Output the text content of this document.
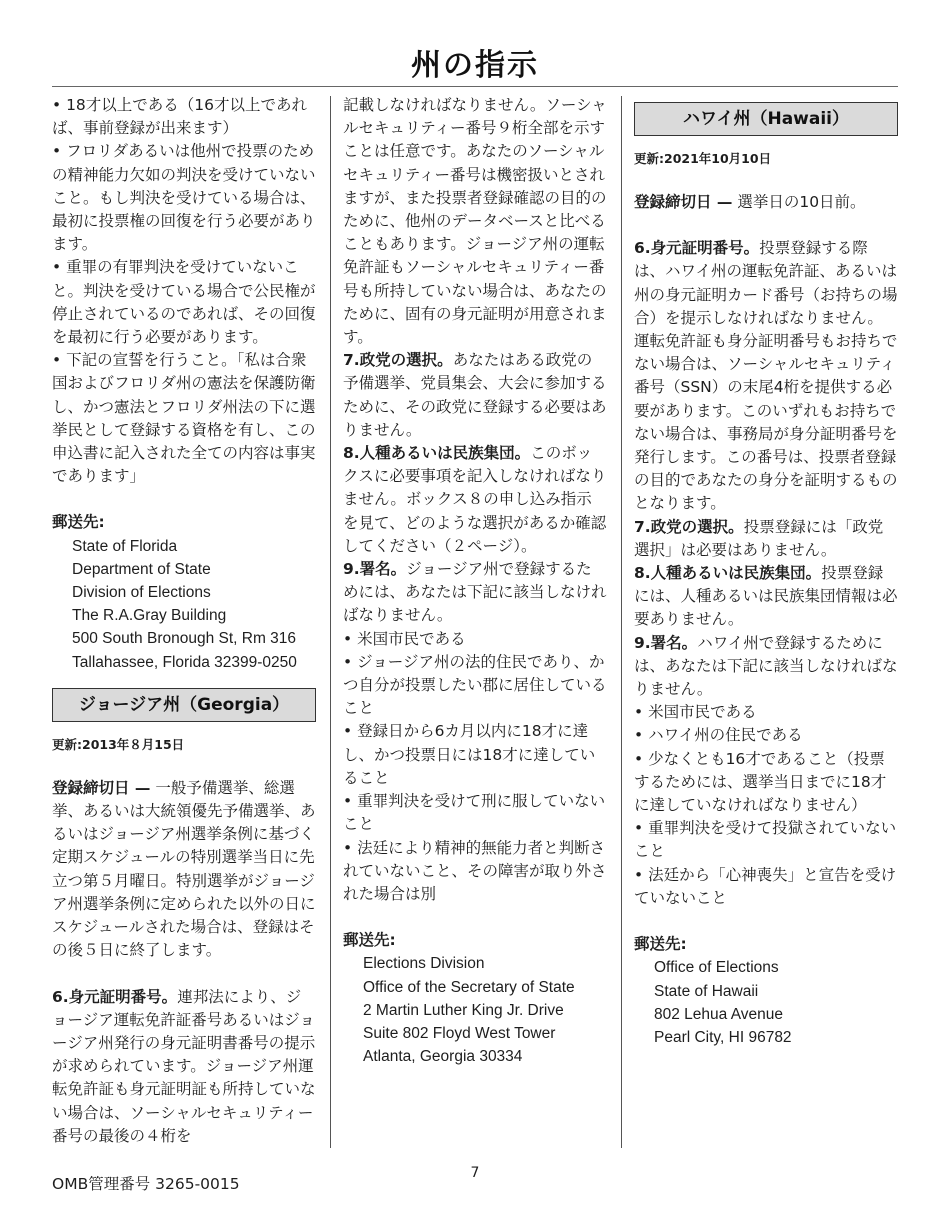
州の指示

• 18才以上である（16才以上であれば、事前登録が出来ます）

• フロリダあるいは他州で投票のための精神能力欠如の判決を受けていないこと。もし判決を受けている場合は、最初に投票権の回復を行う必要があります。

• 重罪の有罪判決を受けていないこと。判決を受けている場合で公民権が停止されているのであれば、その回復を最初に行う必要があります。

• 下記の宣誓を行うこと。「私は合衆国およびフロリダ州の憲法を保護防衛し、かつ憲法とフロリダ州法の下に選挙民として登録する資格を有し、この申込書に記入された全ての内容は事実であります」

郵送先:

State of Florida
Department of State
Division of Elections
The R.A.Gray Building
500 South Bronough St, Rm 316
Tallahassee, Florida 32399-0250
ジョージア州（Georgia）
更新:2013年８月15日

登録締切日 — 一般予備選挙、総選挙、あるいは大統領優先予備選挙、あるいはジョージア州選挙条例に基づく定期スケジュールの特別選挙当日に先立つ第５月曜日。特別選挙がジョージア州選挙条例に定められた以外の日にスケジュールされた場合は、登録はその後５日に終了します。

6.身元証明番号。連邦法により、ジョージア運転免許証番号あるいはジョージア州発行の身元証明書番号の提示が求められています。ジョージア州運転免許証も身元証明証も所持していない場合は、ソーシャルセキュリティー番号の最後の４桁を

記載しなければなりません。ソーシャルセキュリティー番号９桁全部を示すことは任意です。あなたのソーシャルセキュリティー番号は機密扱いとされますが、また投票者登録確認の目的のために、他州のデータベースと比べることもあります。ジョージア州の運転免許証もソーシャルセキュリティー番号も所持していない場合は、あなたのために、固有の身元証明が用意されます。

7.政党の選択。あなたはある政党の予備選挙、党員集会、大会に参加するために、その政党に登録する必要はありません。

8.人種あるいは民族集団。このボックスに必要事項を記入しなければなりません。ボックス８の申し込み指示を見て、どのような選択があるか確認してください（２ページ）。

9.署名。ジョージア州で登録するためには、あなたは下記に該当しなければなりません。

• 米国市民である

• ジョージア州の法的住民であり、かつ自分が投票したい郡に居住していること

• 登録日から6カ月以内に18才に達し、かつ投票日には18才に達していること

• 重罪判決を受けて刑に服していないこと

• 法廷により精神的無能力者と判断されていないこと、その障害が取り外された場合は別

郵送先:

Elections Division
Office of the Secretary of State
2 Martin Luther King Jr. Drive
Suite 802 Floyd West Tower
Atlanta, Georgia 30334
ハワイ州（Hawaii）
更新:2021年10月10日

登録締切日 — 選挙日の10日前。

6.身元証明番号。投票登録する際は、ハワイ州の運転免許証、あるいは州の身元証明カード番号（お持ちの場合）を提示しなければなりません。運転免許証も身分証明番号もお持ちでない場合は、ソーシャルセキュリティ番号（SSN）の末尾4桁を提供する必要があります。このいずれもお持ちでない場合は、事務局が身分証明番号を発行します。この番号は、投票者登録の目的であなたの身分を証明するものとなります。

7.政党の選択。投票登録には「政党選択」は必要はありません。

8.人種あるいは民族集団。投票登録には、人種あるいは民族集団情報は必要ありません。

9.署名。ハワイ州で登録するためには、あなたは下記に該当しなければなりません。

• 米国市民である

• ハワイ州の住民である

• 少なくとも16才であること（投票するためには、選挙当日までに18才に達していなければなりません）

• 重罪判決を受けて投獄されていないこと

• 法廷から「心神喪失」と宣告を受けていないこと

郵送先:

Office of Elections
State of Hawaii
802 Lehua Avenue
Pearl City, HI 96782
OMB管理番号 3265-0015
7
